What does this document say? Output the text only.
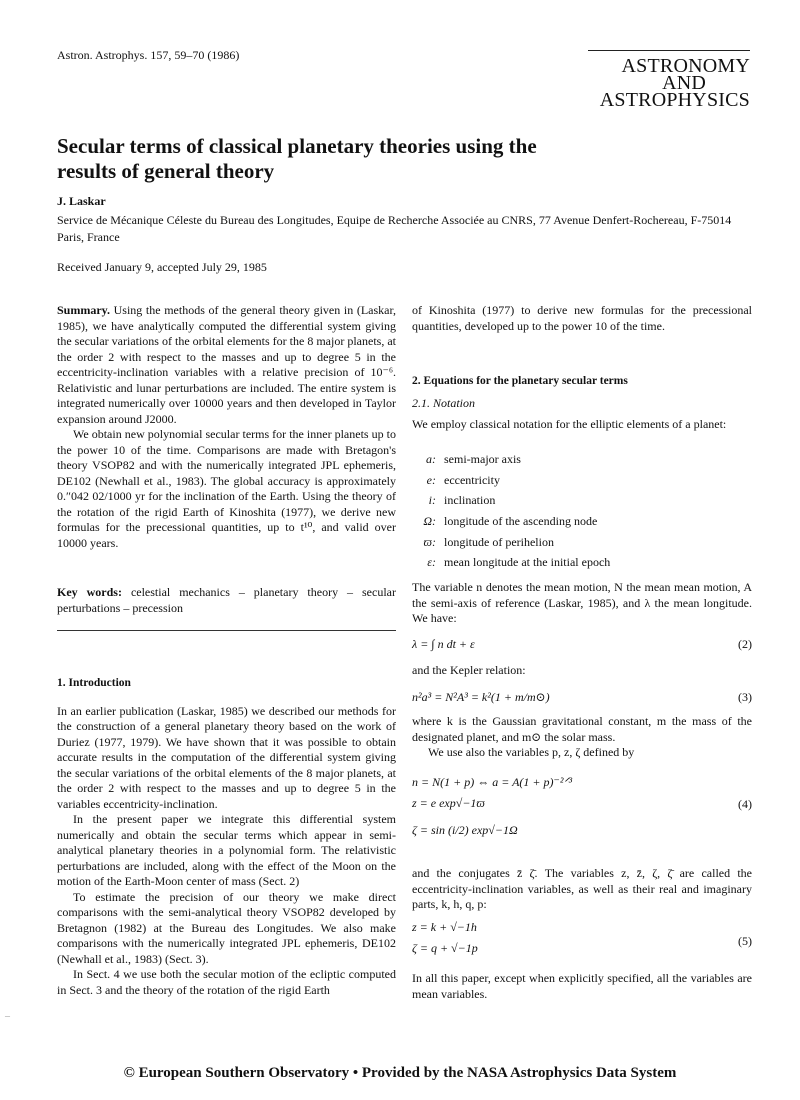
Astron. Astrophys. 157, 59–70 (1986)	ASTRONOMY
AND
ASTROPHYSICS
Secular terms of classical planetary theories using the results of general theory
J. Laskar
Service de Mécanique Céleste du Bureau des Longitudes, Equipe de Recherche Associée au CNRS, 77 Avenue Denfert-Rochereau, F-75014 Paris, France
Received January 9, accepted July 29, 1985

Summary. Using the methods of the general theory given in (Laskar, 1985), we have analytically computed the differential system giving the secular variations of the orbital elements for the 8 major planets, at the order 2 with respect to the masses and up to degree 5 in the eccentricity-inclination variables with a relative precision of 10⁻⁶. Relativistic and lunar perturbations are included. The entire system is integrated numerically over 10000 years and then developed in Taylor expansion around J2000.

We obtain new polynomial secular terms for the inner planets up to the power 10 of the time. Comparisons are made with Bretagon's theory VSOP82 and with the numerically integrated JPL ephemeris, DE102 (Newhall et al., 1983). The global accuracy is approximately 0.″042 02/1000 yr for the inclination of the Earth. Using the theory of the rotation of the rigid Earth of Kinoshita (1977), we derive new formulas for the precessional quantities, up to t¹⁰, and valid over 10000 years.

Key words: celestial mechanics – planetary theory – secular perturbations – precession

1. Introduction

In an earlier publication (Laskar, 1985) we described our methods for the construction of a general planetary theory based on the work of Duriez (1977, 1979). We have shown that it was possible to obtain accurate results in the computation of the differential system giving the secular variations of the orbital elements of the 8 major planets, at the order 2 with respect to the masses and up to degree 5 in the variables eccentricity-inclination.

In the present paper we integrate this differential system numerically and obtain the secular terms which appear in semi-analytical planetary theories in a polynomial form. The relativistic perturbations are included, along with the effect of the Moon on the motion of the Earth-Moon center of mass (Sect. 2)

To estimate the precision of our theory we make direct comparisons with the semi-analytical theory VSOP82 developed by Bretagnon (1982) at the Bureau des Longitudes. We also make comparisons with the numerically integrated JPL ephemeris, DE102 (Newhall et al., 1983) (Sect. 3).

In Sect. 4 we use both the secular motion of the ecliptic computed in Sect. 3 and the theory of the rotation of the rigid Earth

of Kinoshita (1977) to derive new formulas for the precessional quantities, developed up to the power 10 of the time.

2. Equations for the planetary secular terms

2.1. Notation

We employ classical notation for the elliptic elements of a planet:

a: semi-major axis
e: eccentricity
i: inclination
Ω: longitude of the ascending node
ϖ: longitude of perihelion
ε: mean longitude at the initial epoch
The variable n denotes the mean motion, N the mean mean motion, A the semi-axis of reference (Laskar, 1985), and λ the mean longitude. We have:
λ = ∫ n dt + ε	(2)
and the Kepler relation:
n²a³ = N²A³ = k²(1 + m/m⊙)	(3)

where k is the Gaussian gravitational constant, m the mass of the designated planet, and m⊙ the solar mass.

We use also the variables p, z, ζ defined by

n = N(1 + p) ⇔ a = A(1 + p)⁻²ᐟ³
z = e exp√−1ϖ
ζ = sin (i/2) exp√−1Ω
(4)
and the conjugates z̄ ζ̄. The variables z, z̄, ζ, ζ̄ are called the eccentricity-inclination variables, as well as their real and imaginary parts, k, h, q, p:
z = k + √−1h
ζ = q + √−1p	(5)
In all this paper, except when explicitly specified, all the variables are mean variables.
–
© European Southern Observatory • Provided by the NASA Astrophysics Data System
